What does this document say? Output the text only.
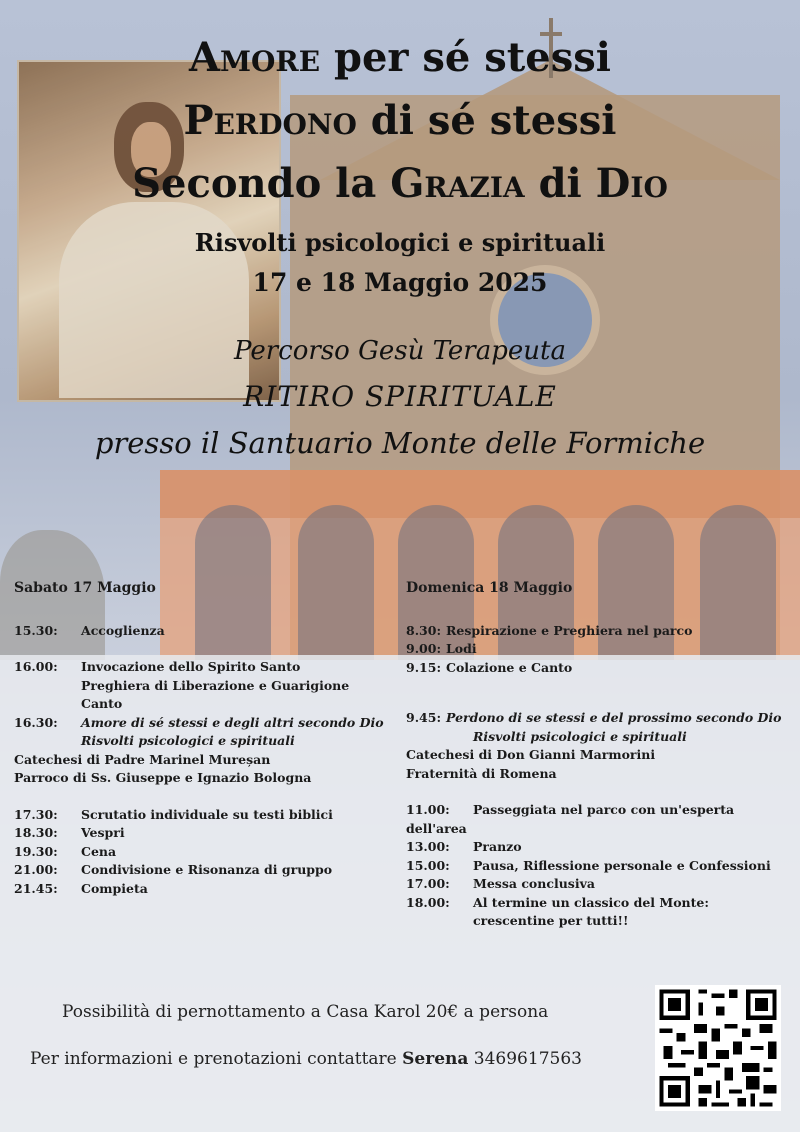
Amore per sé stessi
Perdono di sé stessi
Secondo la Grazia di Dio
Risvolti psicologici e spirituali
17 e 18 Maggio 2025
Percorso Gesù Terapeuta
RITIRO SPIRITUALE
presso il Santuario Monte delle Formiche
Sabato 17 Maggio
15.30:	Accoglienza
16.00:	Invocazione dello Spirito Santo
Preghiera di Liberazione e Guarigione
Canto
16.30:	Amore di sé stessi e degli altri secondo Dio
Risvolti psicologici e spirituali
Catechesi di Padre Marinel Mureșan
Parroco di Ss. Giuseppe e Ignazio Bologna
17.30:	Scrutatio individuale su testi biblici
18.30:	Vespri
19.30:	Cena
21.00:	Condivisione e Risonanza di gruppo
21.45:	Compieta
Domenica 18 Maggio
8.30: Respirazione e Preghiera nel parco
9.00: Lodi
9.15: Colazione e Canto
9.45: Perdono di se stessi e del prossimo secondo Dio
Risvolti psicologici e spirituali
Catechesi di Don Gianni Marmorini
Fraternità di Romena
11.00:	Passeggiata nel parco con un'esperta
dell'area
13.00:	Pranzo
15.00:	Pausa, Riflessione personale e Confessioni
17.00:	Messa conclusiva
18.00:	Al termine un classico del Monte:
crescentine per tutti!!
Possibilità di pernottamento a Casa Karol 20€ a persona
Per informazioni e prenotazioni contattare Serena 3469617563
